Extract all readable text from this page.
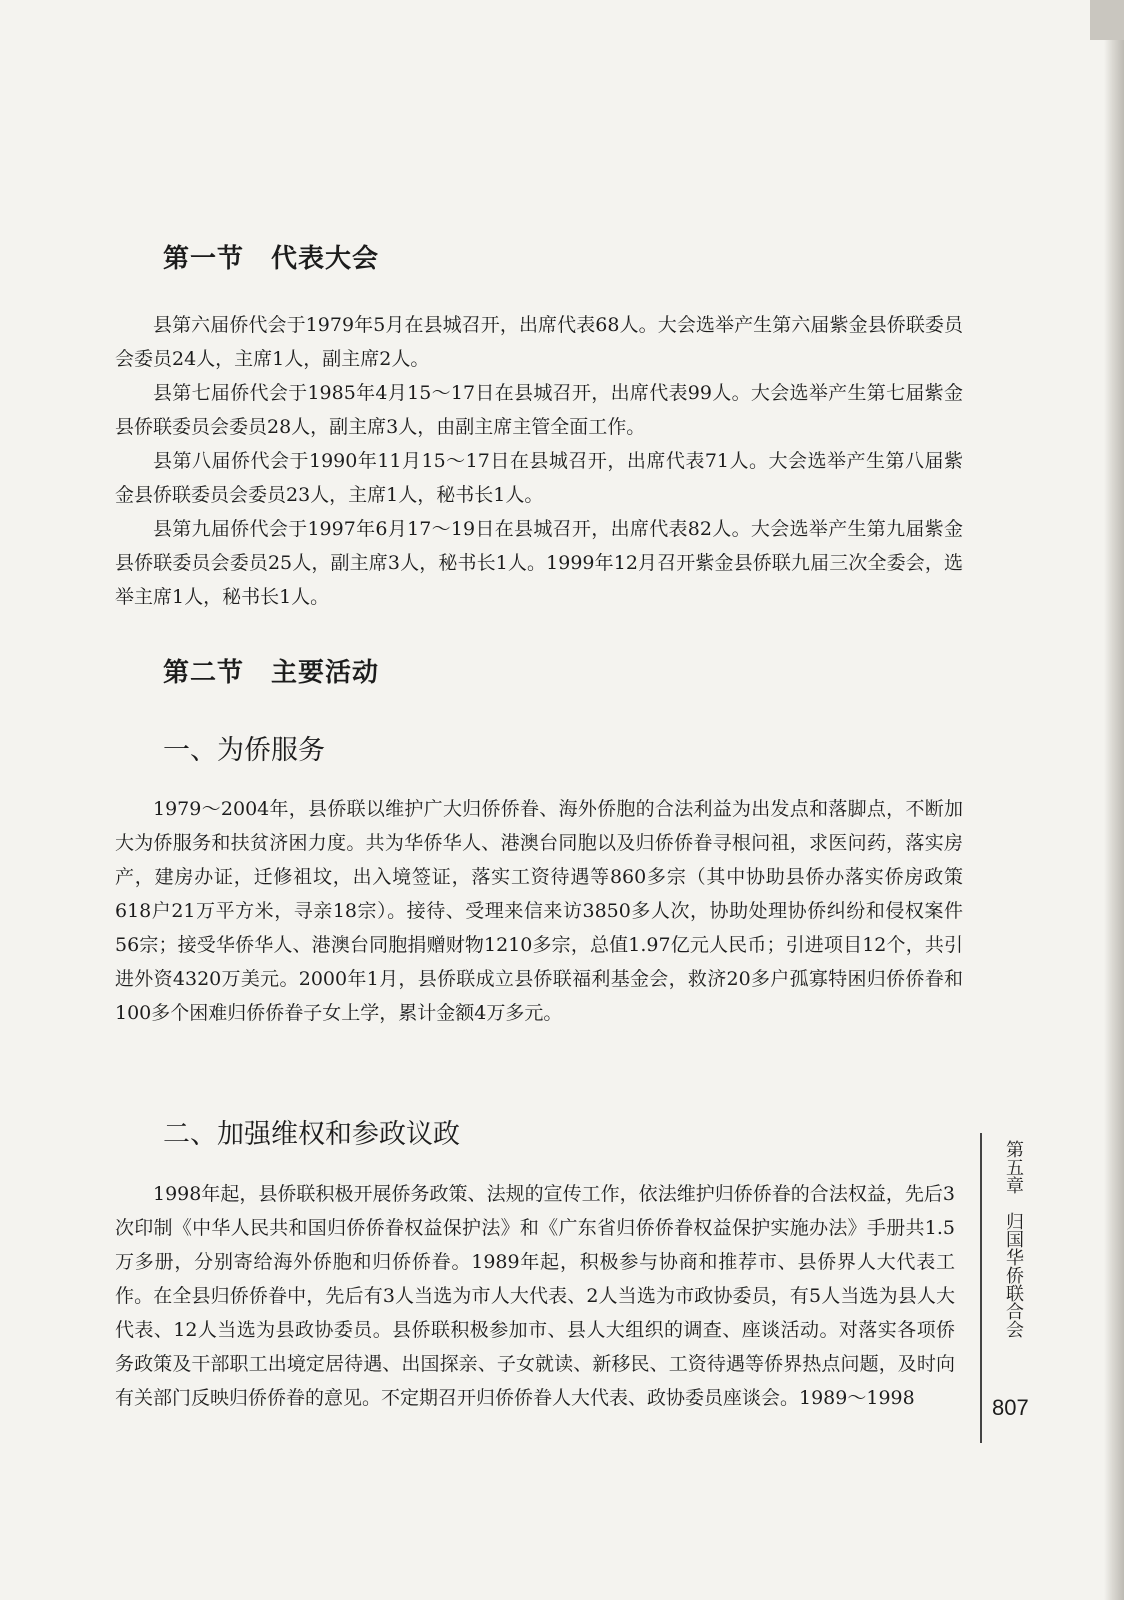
第一节　代表大会

县第六届侨代会于1979年5月在县城召开，出席代表68人。大会选举产生第六届紫金县侨联委员会委员24人，主席1人，副主席2人。

县第七届侨代会于1985年4月15～17日在县城召开，出席代表99人。大会选举产生第七届紫金县侨联委员会委员28人，副主席3人，由副主席主管全面工作。

县第八届侨代会于1990年11月15～17日在县城召开，出席代表71人。大会选举产生第八届紫金县侨联委员会委员23人，主席1人，秘书长1人。

县第九届侨代会于1997年6月17～19日在县城召开，出席代表82人。大会选举产生第九届紫金县侨联委员会委员25人，副主席3人，秘书长1人。1999年12月召开紫金县侨联九届三次全委会，选举主席1人，秘书长1人。

第二节　主要活动
一、为侨服务

1979～2004年，县侨联以维护广大归侨侨眷、海外侨胞的合法利益为出发点和落脚点，不断加大为侨服务和扶贫济困力度。共为华侨华人、港澳台同胞以及归侨侨眷寻根问祖，求医问药，落实房产，建房办证，迁修祖坟，出入境签证，落实工资待遇等860多宗（其中协助县侨办落实侨房政策618户21万平方米，寻亲18宗）。接待、受理来信来访3850多人次，协助处理协侨纠纷和侵权案件56宗；接受华侨华人、港澳台同胞捐赠财物1210多宗，总值1.97亿元人民币；引进项目12个，共引进外资4320万美元。2000年1月，县侨联成立县侨联福利基金会，救济20多户孤寡特困归侨侨眷和100多个困难归侨侨眷子女上学，累计金额4万多元。

二、加强维权和参政议政

1998年起，县侨联积极开展侨务政策、法规的宣传工作，依法维护归侨侨眷的合法权益，先后3次印制《中华人民共和国归侨侨眷权益保护法》和《广东省归侨侨眷权益保护实施办法》手册共1.5万多册，分别寄给海外侨胞和归侨侨眷。1989年起，积极参与协商和推荐市、县侨界人大代表工作。在全县归侨侨眷中，先后有3人当选为市人大代表、2人当选为市政协委员，有5人当选为县人大代表、12人当选为县政协委员。县侨联积极参加市、县人大组织的调查、座谈活动。对落实各项侨务政策及干部职工出境定居待遇、出国探亲、子女就读、新移民、工资待遇等侨界热点问题，及时向有关部门反映归侨侨眷的意见。不定期召开归侨侨眷人大代表、政协委员座谈会。1989～1998

第五章归国华侨联合会
807
